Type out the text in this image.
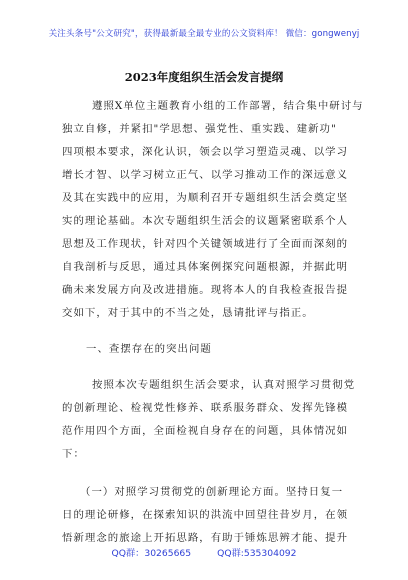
关注头条号"公文研究"，获得最新最全最专业的公文资料库！ 微信：gongwenyj
2023年度组织生活会发言提纲
遵照X单位主题教育小组的工作部署，结合集中研讨与
独立自修，并紧扣"学思想、强党性、重实践、建新功"
四项根本要求，深化认识，领会以学习塑造灵魂、以学习
增长才智、以学习树立正气、以学习推动工作的深远意义
及其在实践中的应用，为顺利召开专题组织生活会奠定坚
实的理论基础。本次专题组织生活会的议题紧密联系个人
思想及工作现状，针对四个关键领域进行了全面而深刻的
自我剖析与反思，通过具体案例探究问题根源，并据此明
确未来发展方向及改进措施。现将本人的自我检查报告提
交如下，对于其中的不当之处，恳请批评与指正。
一、查摆存在的突出问题
按照本次专题组织生活会要求，认真对照学习贯彻党
的创新理论、检视党性修养、联系服务群众、发挥先锋模
范作用四个方面，全面检视自身存在的问题，具体情况如
下：
（一）对照学习贯彻党的创新理论方面。坚持日复一
日的理论研修，在探索知识的洪流中回望往昔岁月，在领
悟新理念的旅途上开拓思路，有助于锤炼思辨才能、提升
QQ群：30265665	QQ群:535304092
